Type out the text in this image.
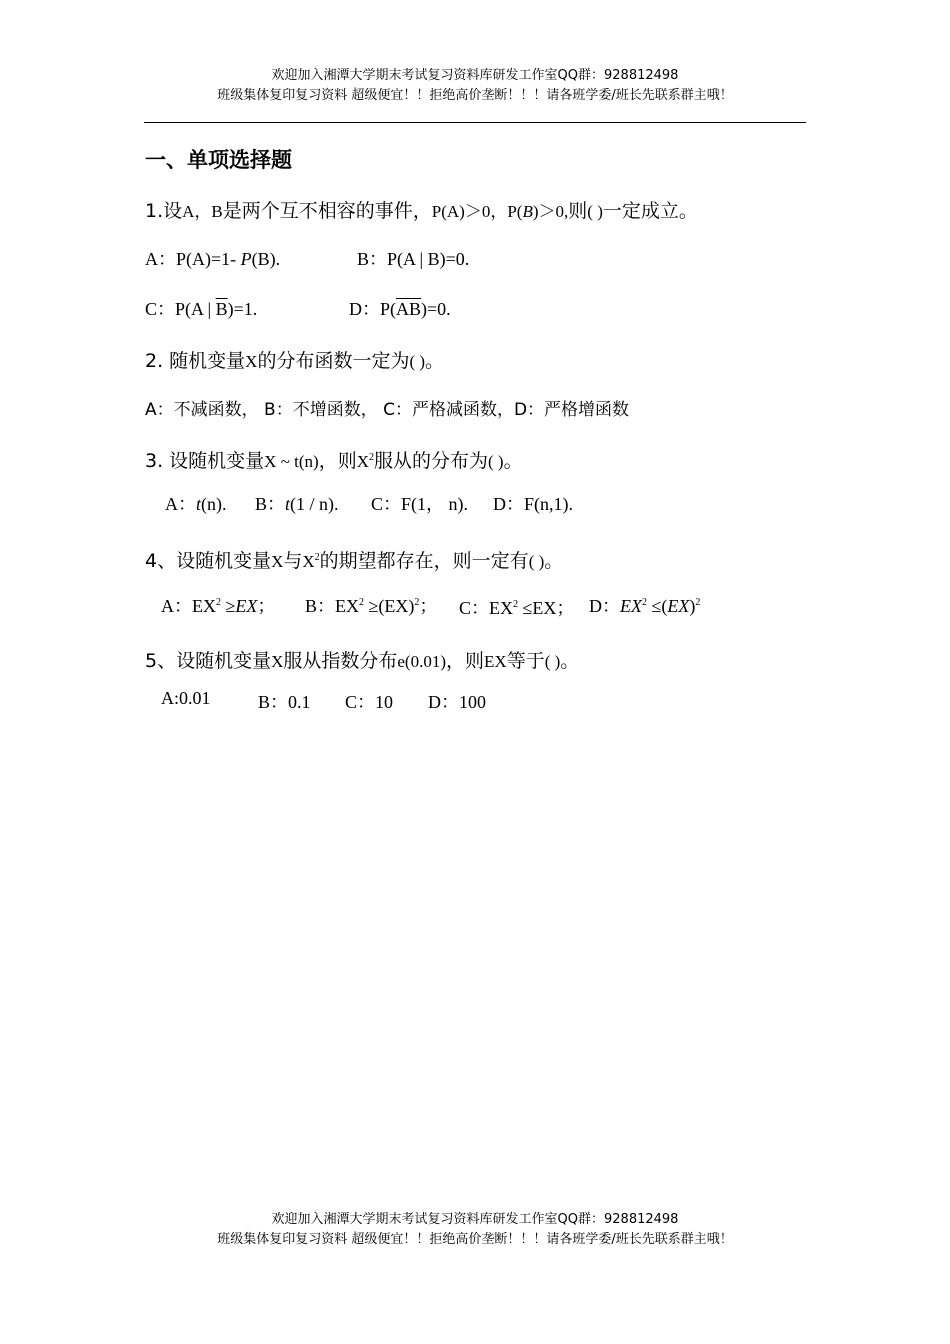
欢迎加入湘潭大学期末考试复习资料库研发工作室QQ群：928812498
班级集体复印复习资料 超级便宜！！拒绝高价垄断！！！请各班学委/班长先联系群主哦！
一、单项选择题
1.设A，B是两个互不相容的事件，P(A)＞0，P(B)＞0,则( )一定成立。
A：P(A)=1- P(B).	B：P(A | B)=0.
C：P(A | $\overline{B})=1$.	D：$P(\overline{AB})=0$.
2. 随机变量X的分布函数一定为( )。
A：不减函数， B：不增函数， C：严格减函数，D：严格增函数
3. 设随机变量X ~ t(n)，则$X^2$服从的分布为( )。
A：t(n). B：t(1 / n). C：F(1， n). D：F(n,1).
4、设随机变量X与$X^2$的期望都存在，则一定有( )。
A：$EX^2 \ge EX$； B：$EX^2 \ge(EX)^2$； C：$EX^2 \le EX$； D：$EX^2 \le(EX)^2$
5、设随机变量X服从指数分布e(0.01)，则EX等于( )。
A:0.01	B：0.1 C：10 D：100
欢迎加入湘潭大学期末考试复习资料库研发工作室QQ群：928812498
班级集体复印复习资料 超级便宜！！拒绝高价垄断！！！请各班学委/班长先联系群主哦！
